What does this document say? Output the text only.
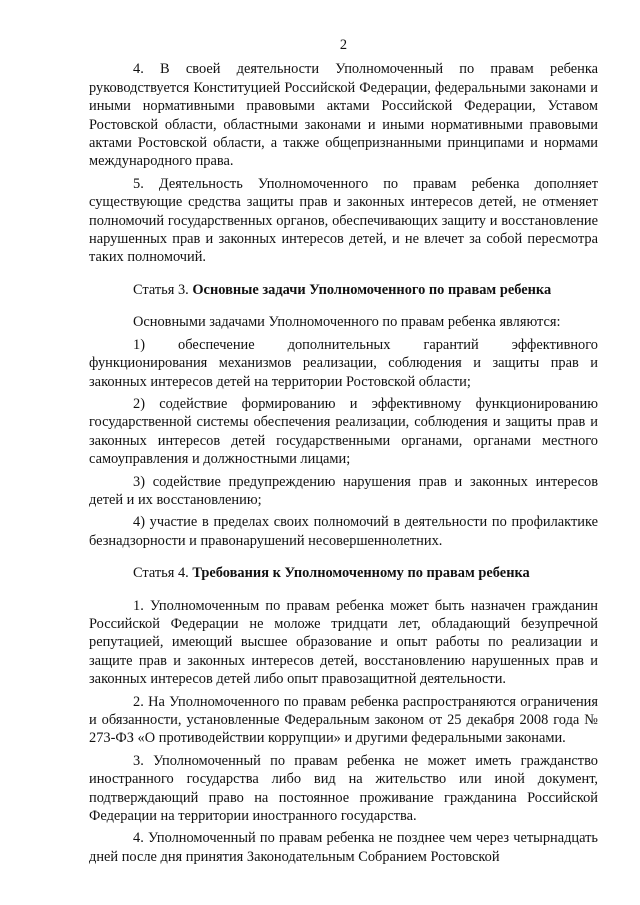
2

4. В своей деятельности Уполномоченный по правам ребенка руководствуется Конституцией Российской Федерации, федеральными законами и иными нормативными правовыми актами Российской Федерации, Уставом Ростовской области, областными законами и иными нормативными правовыми актами Ростовской области, а также общепризнанными принципами и нормами международного права.

5. Деятельность Уполномоченного по правам ребенка дополняет существующие средства защиты прав и законных интересов детей, не отменяет полномочий государственных органов, обеспечивающих защиту и восстановление нарушенных прав и законных интересов детей, и не влечет за собой пересмотра таких полномочий.

Статья 3. Основные задачи Уполномоченного по правам ребенка

Основными задачами Уполномоченного по правам ребенка являются:

1) обеспечение дополнительных гарантий эффективного функционирования механизмов реализации, соблюдения и защиты прав и законных интересов детей на территории Ростовской области;

2) содействие формированию и эффективному функционированию государственной системы обеспечения реализации, соблюдения и защиты прав и законных интересов детей государственными органами, органами местного самоуправления и должностными лицами;

3) содействие предупреждению нарушения прав и законных интересов детей и их восстановлению;

4) участие в пределах своих полномочий в деятельности по профилактике безнадзорности и правонарушений несовершеннолетних.

Статья 4. Требования к Уполномоченному по правам ребенка

1. Уполномоченным по правам ребенка может быть назначен гражданин Российской Федерации не моложе тридцати лет, обладающий безупречной репутацией, имеющий высшее образование и опыт работы по реализации и защите прав и законных интересов детей, восстановлению нарушенных прав и законных интересов детей либо опыт правозащитной деятельности.

2. На Уполномоченного по правам ребенка распространяются ограничения и обязанности, установленные Федеральным законом от 25 декабря 2008 года № 273-ФЗ «О противодействии коррупции» и другими федеральными законами.

3. Уполномоченный по правам ребенка не может иметь гражданство иностранного государства либо вид на жительство или иной документ, подтверждающий право на постоянное проживание гражданина Российской Федерации на территории иностранного государства.

4. Уполномоченный по правам ребенка не позднее чем через четырнадцать дней после дня принятия Законодательным Собранием Ростовской
